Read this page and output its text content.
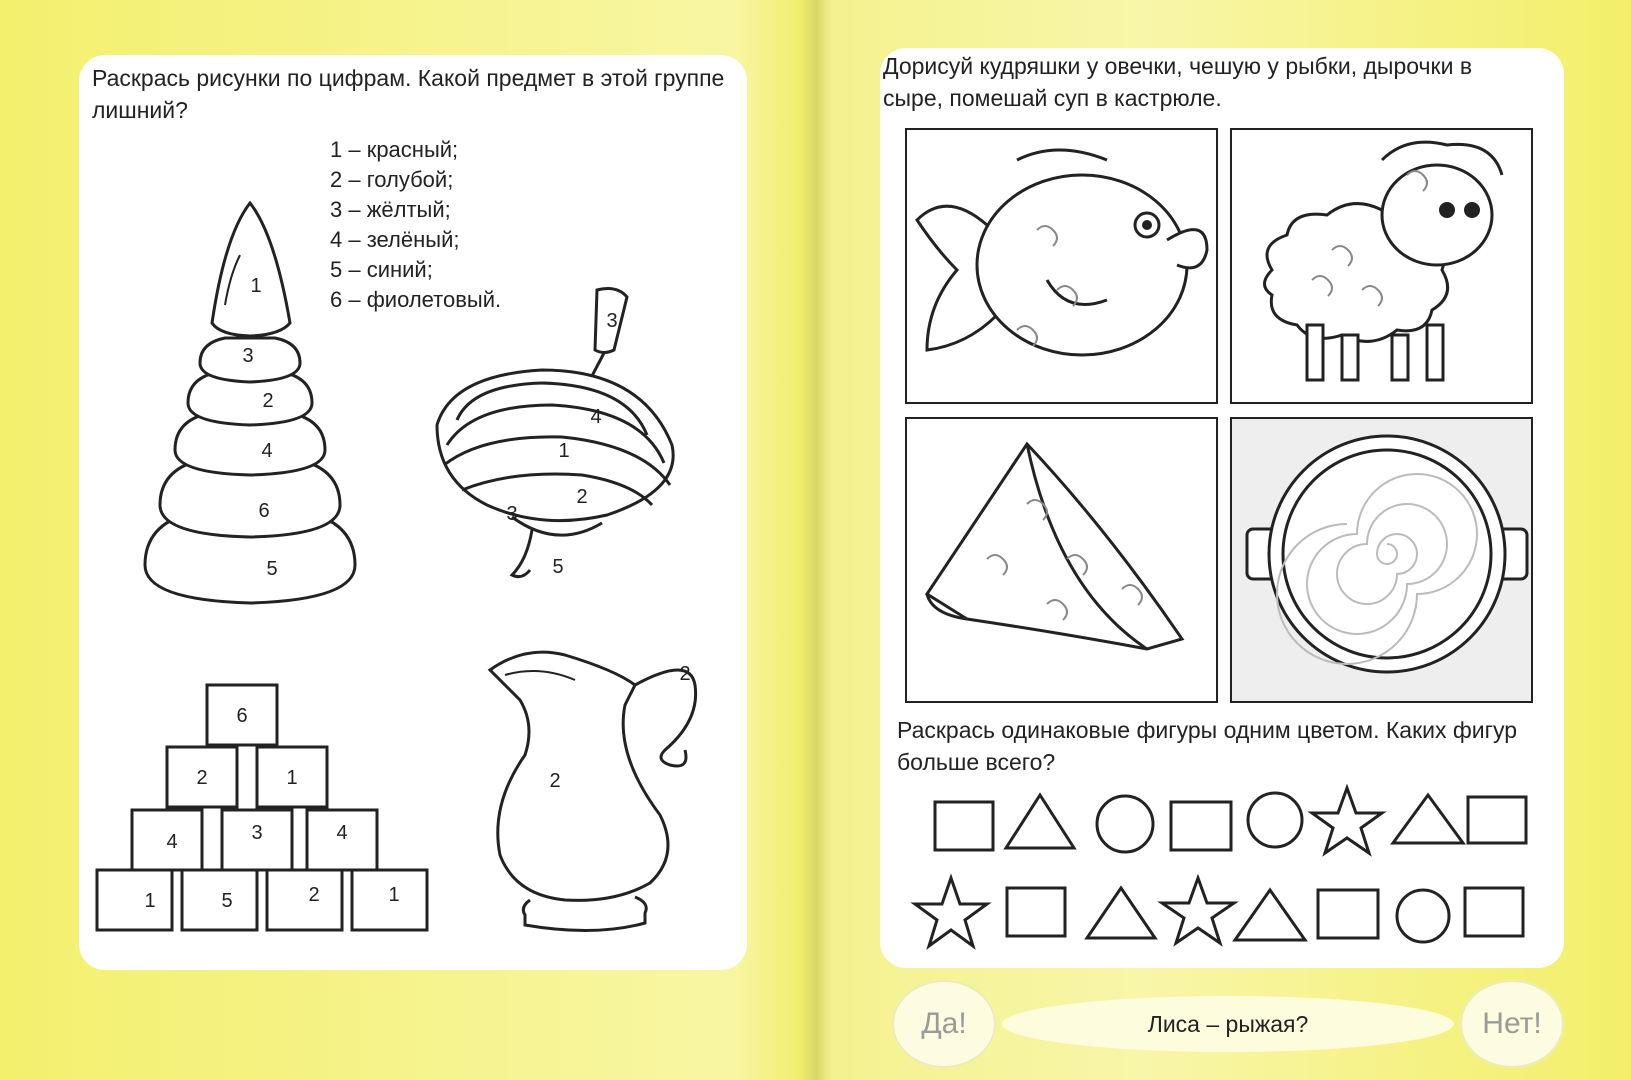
Раскрась рисунки по цифрам. Какой предмет в этой группе лишний?

1 – красный;
2 – голубой;
3 – жёлтый;
4 – зелёный;
5 – синий;
6 – фиолетовый.
1
3
2
4
6
5
3
4
1
2
3
5
6
2	1
4	3	4
1	5	2	1
2
2

Дорисуй кудряшки у овечки, чешую у рыбки, дырочки в сыре, помешай суп в кастрюле.

Раскрась одинаковые фигуры одним цветом. Каких фигур больше всего?

Да!	Лиса – рыжая?	Нет!
